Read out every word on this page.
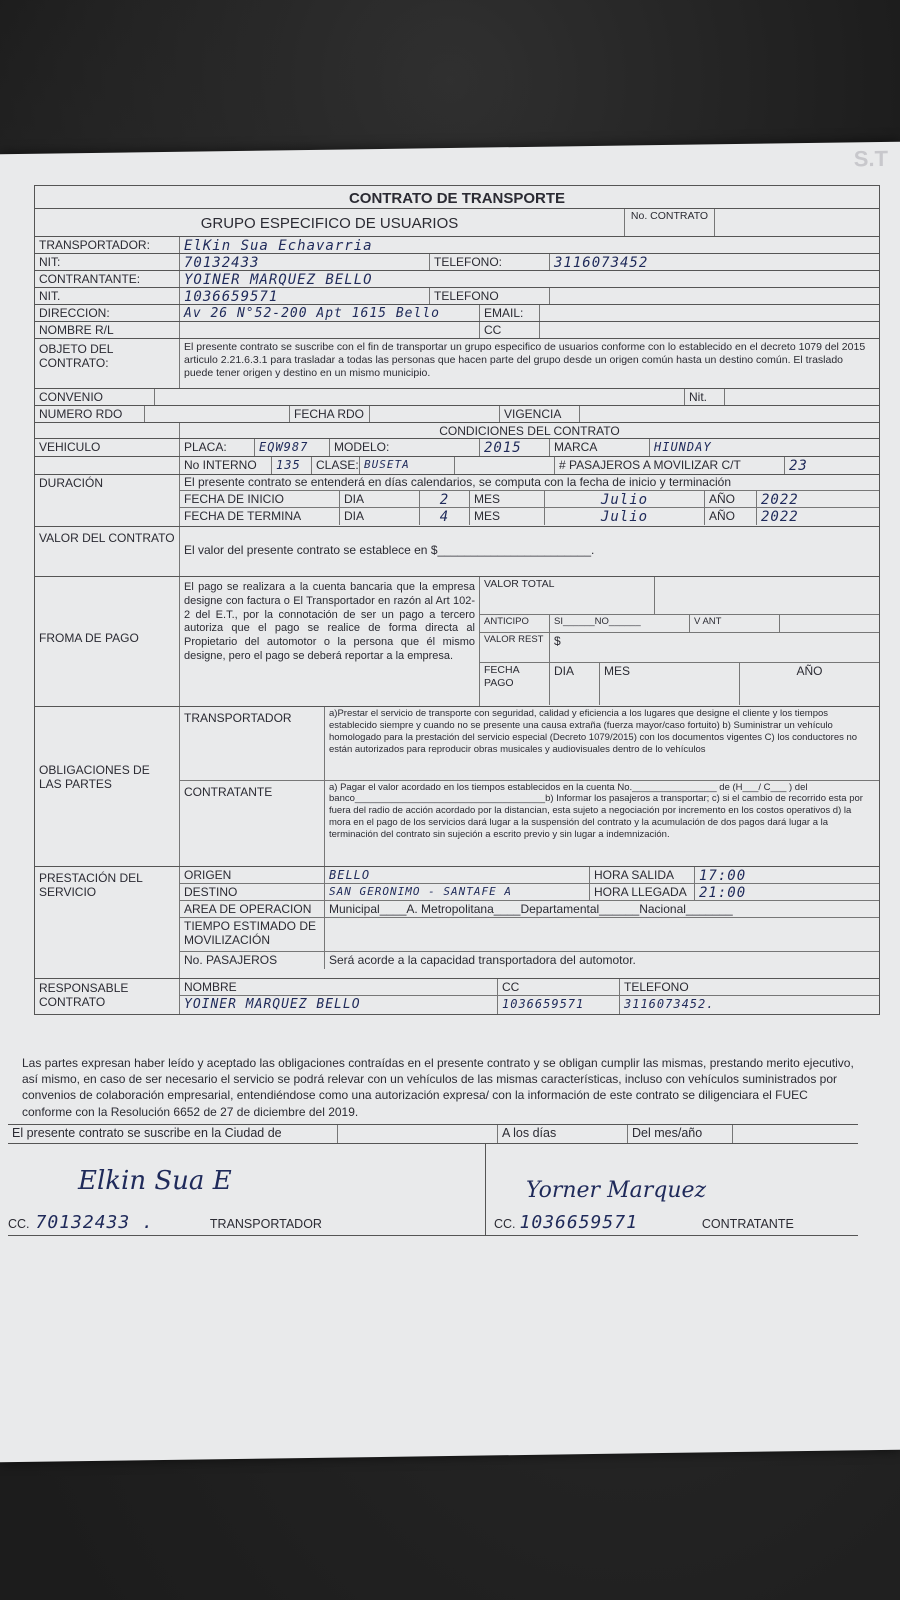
S.T
CONTRATO DE TRANSPORTE
GRUPO ESPECIFICO DE USUARIOS	No. CONTRATO
TRANSPORTADOR:	ElKin Sua Echavarria
NIT:	70132433	TELEFONO:	3116073452
CONTRANTANTE:	YOINER MARQUEZ BELLO
NIT.	1036659571	TELEFONO
DIRECCION:	Av 26 N°52-200 Apt 1615 Bello	EMAIL:
NOMBRE R/L	CC
OBJETO DEL CONTRATO:
El presente contrato se suscribe con el fin de transportar un grupo especifico de usuarios conforme con lo establecido en el decreto 1079 del 2015 articulo 2.21.6.3.1 para trasladar a todas las personas que hacen parte del grupo desde un origen común hasta un destino común. El traslado puede tener origen y destino en un mismo municipio.
CONVENIO	Nit.
NUMERO RDO	FECHA RDO	VIGENCIA
CONDICIONES DEL CONTRATO
VEHICULO	PLACA:	EQW987	MODELO:	2015	MARCA	HIUNDAY
No INTERNO	135	CLASE: BUSETA	# PASAJEROS A MOVILIZAR C/T	23
DURACIÓN	El presente contrato se entenderá en días calendarios, se computa con la fecha de inicio y terminación
FECHA DE INICIO	DIA	2	MES	Julio	AÑO	2022
FECHA DE TERMINA	DIA	4	MES	Julio	AÑO	2022
VALOR DEL CONTRATO
El valor del presente contrato se establece en $_______________________.
FROMA DE PAGO
El pago se realizara a la cuenta bancaria que la empresa designe con factura o El Transportador en razón al Art 102-2 del E.T., por la connotación de ser un pago a tercero autoriza que el pago se realice de forma directa al Propietario del automotor o la persona que él mismo designe, pero el pago se deberá reportar a la empresa.
VALOR TOTAL
ANTICIPO	SI______NO______	V ANT
VALOR REST $
FECHA PAGO
DIA	MES	AÑO
OBLIGACIONES DE LAS PARTES
TRANSPORTADOR	a)Prestar el servicio de transporte con seguridad, calidad y eficiencia a los lugares que designe el cliente y los tiempos establecido siempre y cuando no se presente una causa extraña (fuerza mayor/caso fortuito) b) Suministrar un vehículo homologado para la prestación del servicio especial (Decreto 1079/2015) con los documentos vigentes C) los conductores no están autorizados para reproducir obras musicales y audiovisuales dentro de lo vehículos
CONTRATANTE	a) Pagar el valor acordado en los tiempos establecidos en la cuenta No.________________ de (H___/ C___ ) del banco____________________________________b) Informar los pasajeros a transportar; c) si el cambio de recorrido esta por fuera del radio de acción acordado por la distancian, esta sujeto a negociación por incremento en los costos operativos d) la mora en el pago de los servicios dará lugar a la suspensión del contrato y la acumulación de dos pagos dará lugar a la terminación del contrato sin sujeción a escrito previo y sin lugar a indemnización.
PRESTACIÓN DEL SERVICIO
ORIGEN	BELLO	HORA SALIDA	17:00
DESTINO	SAN GERONIMO - SANTAFE A	HORA LLEGADA 21:00
AREA DE OPERACION	Municipal____A. Metropolitana____Departamental______Nacional_______
TIEMPO ESTIMADO DE MOVILIZACIÓN
No. PASAJEROS	Será acorde a la capacidad transportadora del automotor.
RESPONSABLE CONTRATO
NOMBRE	CC	TELEFONO
YOINER MARQUEZ BELLO	1036659571	3116073452.
Las partes expresan haber leído y aceptado las obligaciones contraídas en el presente contrato y se obligan cumplir las mismas, prestando merito ejecutivo, así mismo, en caso de ser necesario el servicio se podrá relevar con un vehículos de las mismas características, incluso con vehículos suministrados por convenios de colaboración empresarial, entendiéndose como una autorización expresa/ con la información de este contrato se diligenciara el FUEC conforme con la Resolución 6652 de 27 de diciembre del 2019.
El presente contrato se suscribe en la Ciudad de	A los días	Del mes/año
Elkin Sua E
CC. 70132433 .	TRANSPORTADOR
Yorner Marquez
CC. 1036659571	CONTRATANTE
